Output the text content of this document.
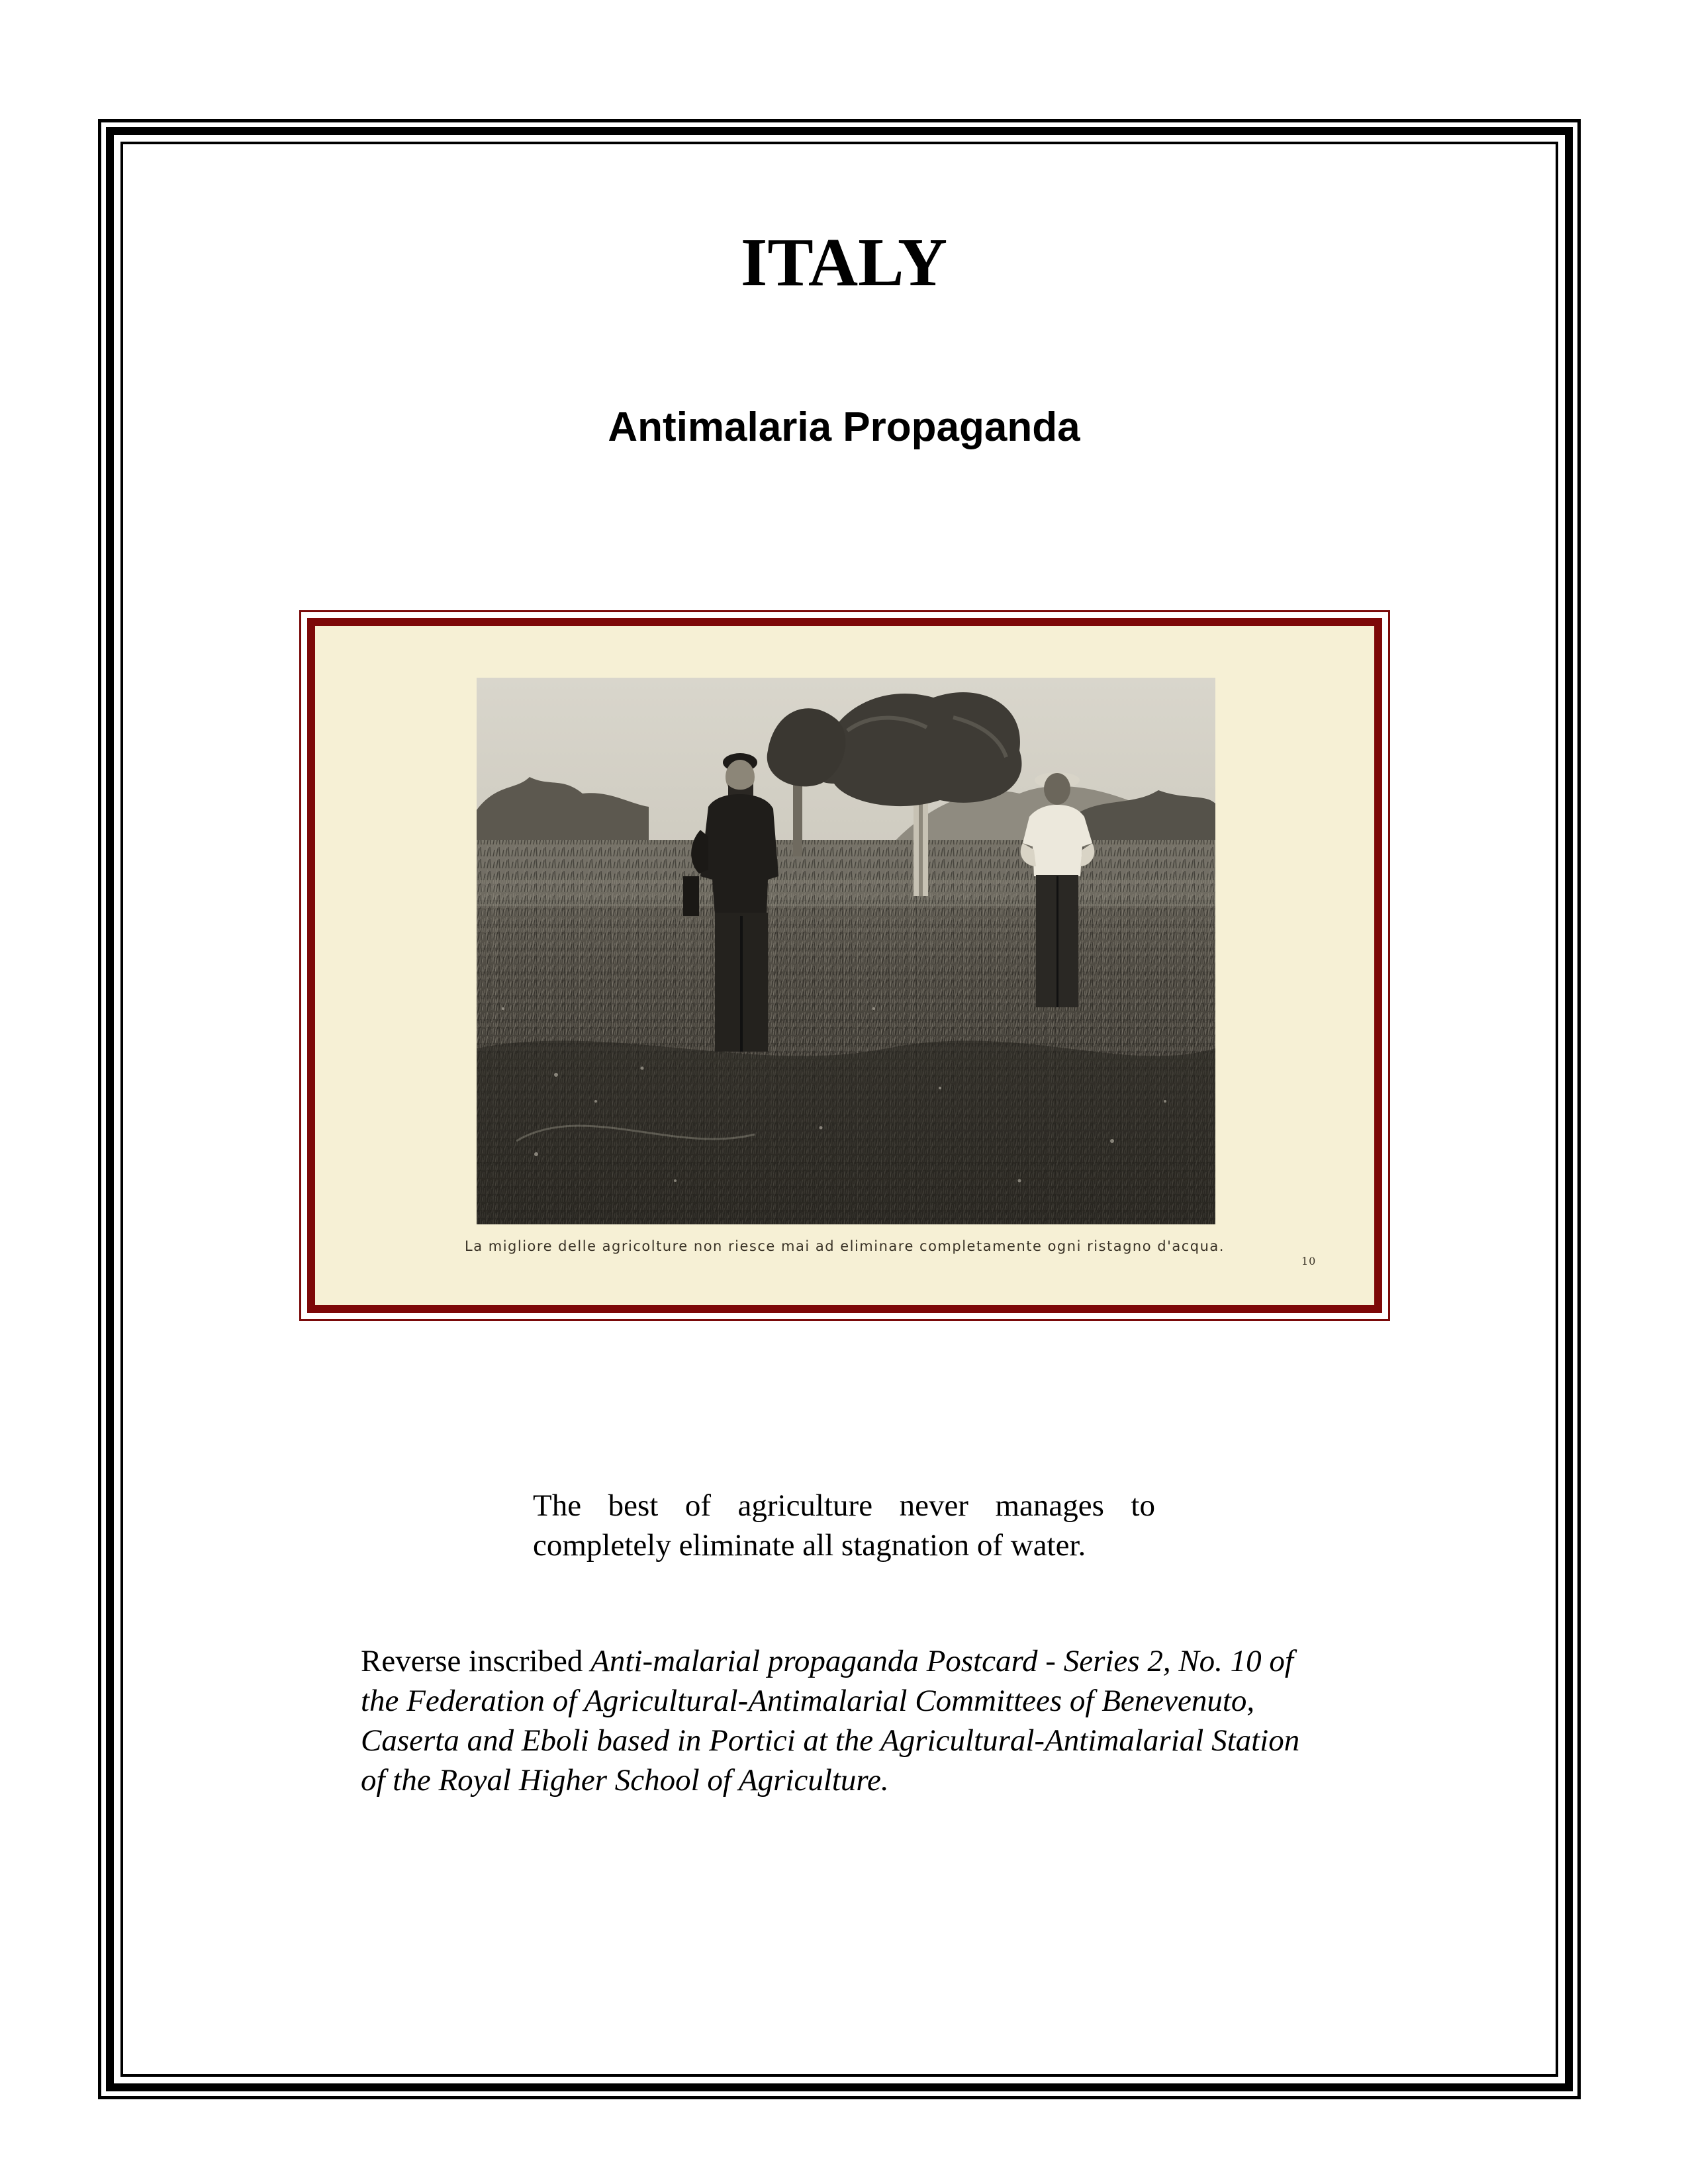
ITALY
Antimalaria Propaganda
La migliore delle agricolture non riesce mai ad eliminare completamente ogni ristagno d'acqua.
10

The best of agriculture never manages to completely eliminate all stagnation of water.

Reverse inscribed Anti-malarial propaganda Postcard - Series 2, No. 10 of the Federation of Agricultural-Antimalarial Committees of Benevenuto, Caserta and Eboli based in Portici at the Agricultural-Antimalarial Station of the Royal Higher School of Agriculture.
